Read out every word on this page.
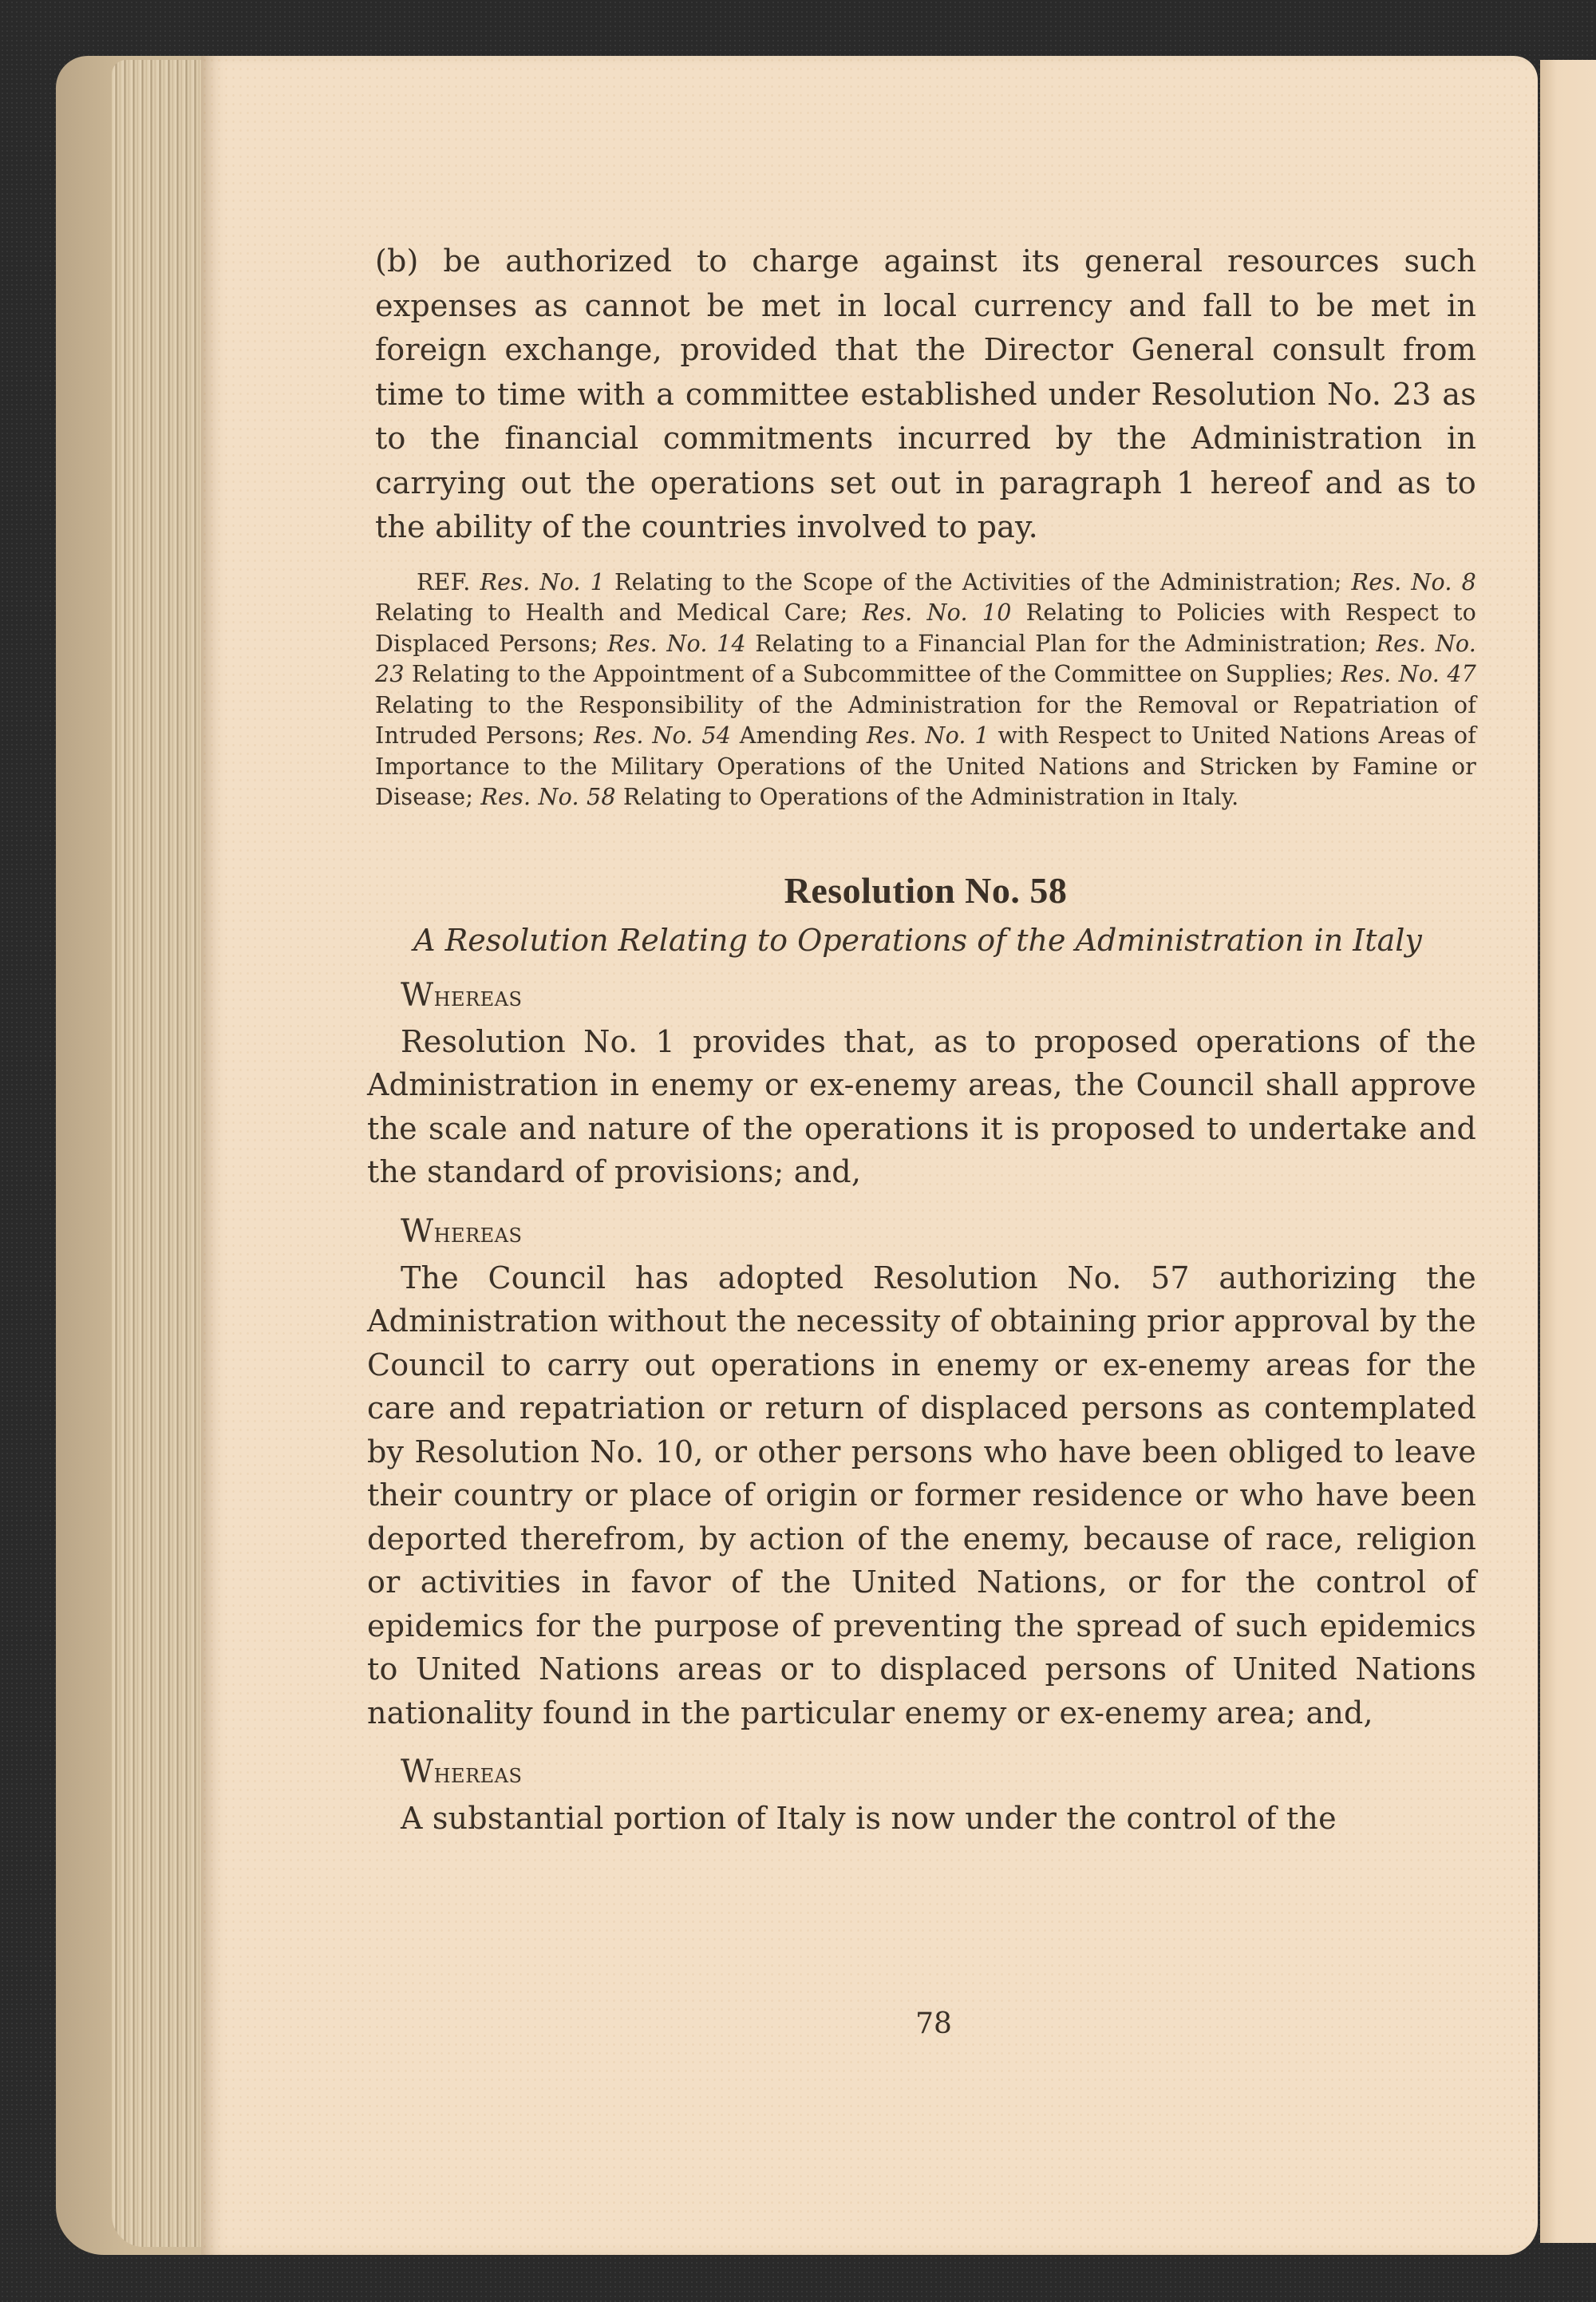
(b) be authorized to charge against its general resources such expenses as cannot be met in local currency and fall to be met in foreign exchange, provided that the Director General consult from time to time with a committee established under Resolution No. 23 as to the financial commitments incurred by the Administration in carrying out the operations set out in paragraph 1 hereof and as to the ability of the countries involved to pay.

REF. Res. No. 1 Relating to the Scope of the Activities of the Administration; Res. No. 8 Relating to Health and Medical Care; Res. No. 10 Relating to Policies with Respect to Displaced Persons; Res. No. 14 Relating to a Financial Plan for the Administration; Res. No. 23 Relating to the Appointment of a Subcommittee of the Committee on Supplies; Res. No. 47 Relating to the Responsibility of the Administration for the Removal or Repatriation of Intruded Persons; Res. No. 54 Amending Res. No. 1 with Respect to United Nations Areas of Importance to the Military Operations of the United Nations and Stricken by Famine or Disease; Res. No. 58 Relating to Operations of the Administration in Italy.

Resolution No. 58
A Resolution Relating to Operations of the Administration in Italy
Whereas

Resolution No. 1 provides that, as to proposed operations of the Administration in enemy or ex-enemy areas, the Council shall approve the scale and nature of the operations it is proposed to undertake and the standard of provisions; and,

Whereas

The Council has adopted Resolution No. 57 authorizing the Administration without the necessity of obtaining prior approval by the Council to carry out operations in enemy or ex-enemy areas for the care and repatriation or return of displaced persons as contemplated by Resolution No. 10, or other persons who have been obliged to leave their country or place of origin or former residence or who have been deported therefrom, by action of the enemy, because of race, religion or activities in favor of the United Nations, or for the control of epidemics for the purpose of preventing the spread of such epidemics to United Nations areas or to displaced persons of United Nations nationality found in the particular enemy or ex-enemy area; and,

Whereas

A substantial portion of Italy is now under the control of the

78
